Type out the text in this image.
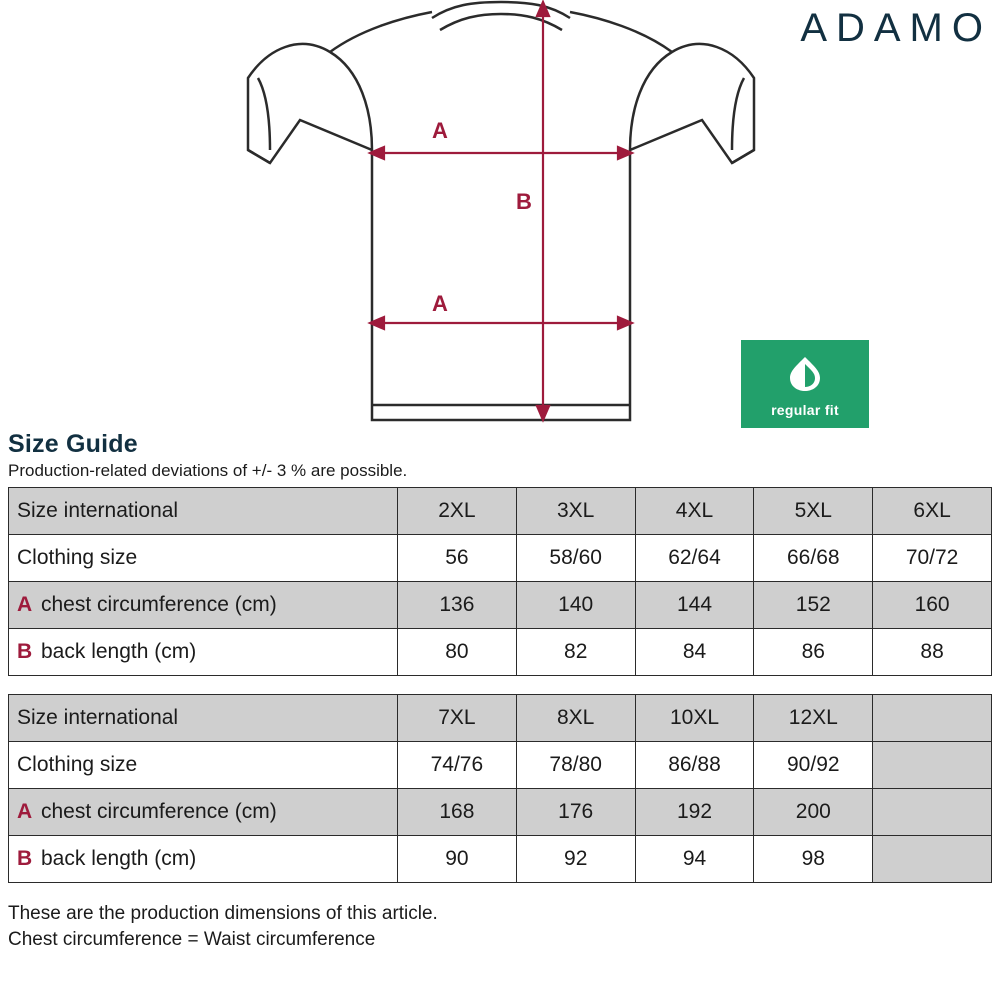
ADAMO
A
A
B
regular fit
Size Guide

Production-related deviations of +/- 3 % are possible.

Size international	2XL	3XL	4XL	5XL	6XL
Clothing size	56	58/60	62/64	66/68	70/72
A chest circumference (cm)	136	140	144	152	160
B back length (cm)	80	82	84	86	88
Size international	7XL	8XL	10XL	12XL	
Clothing size	74/76	78/80	86/88	90/92	
A chest circumference (cm)	168	176	192	200	
B back length (cm)	90	92	94	98	
These are the production dimensions of this article.
Chest circumference = Waist circumference
